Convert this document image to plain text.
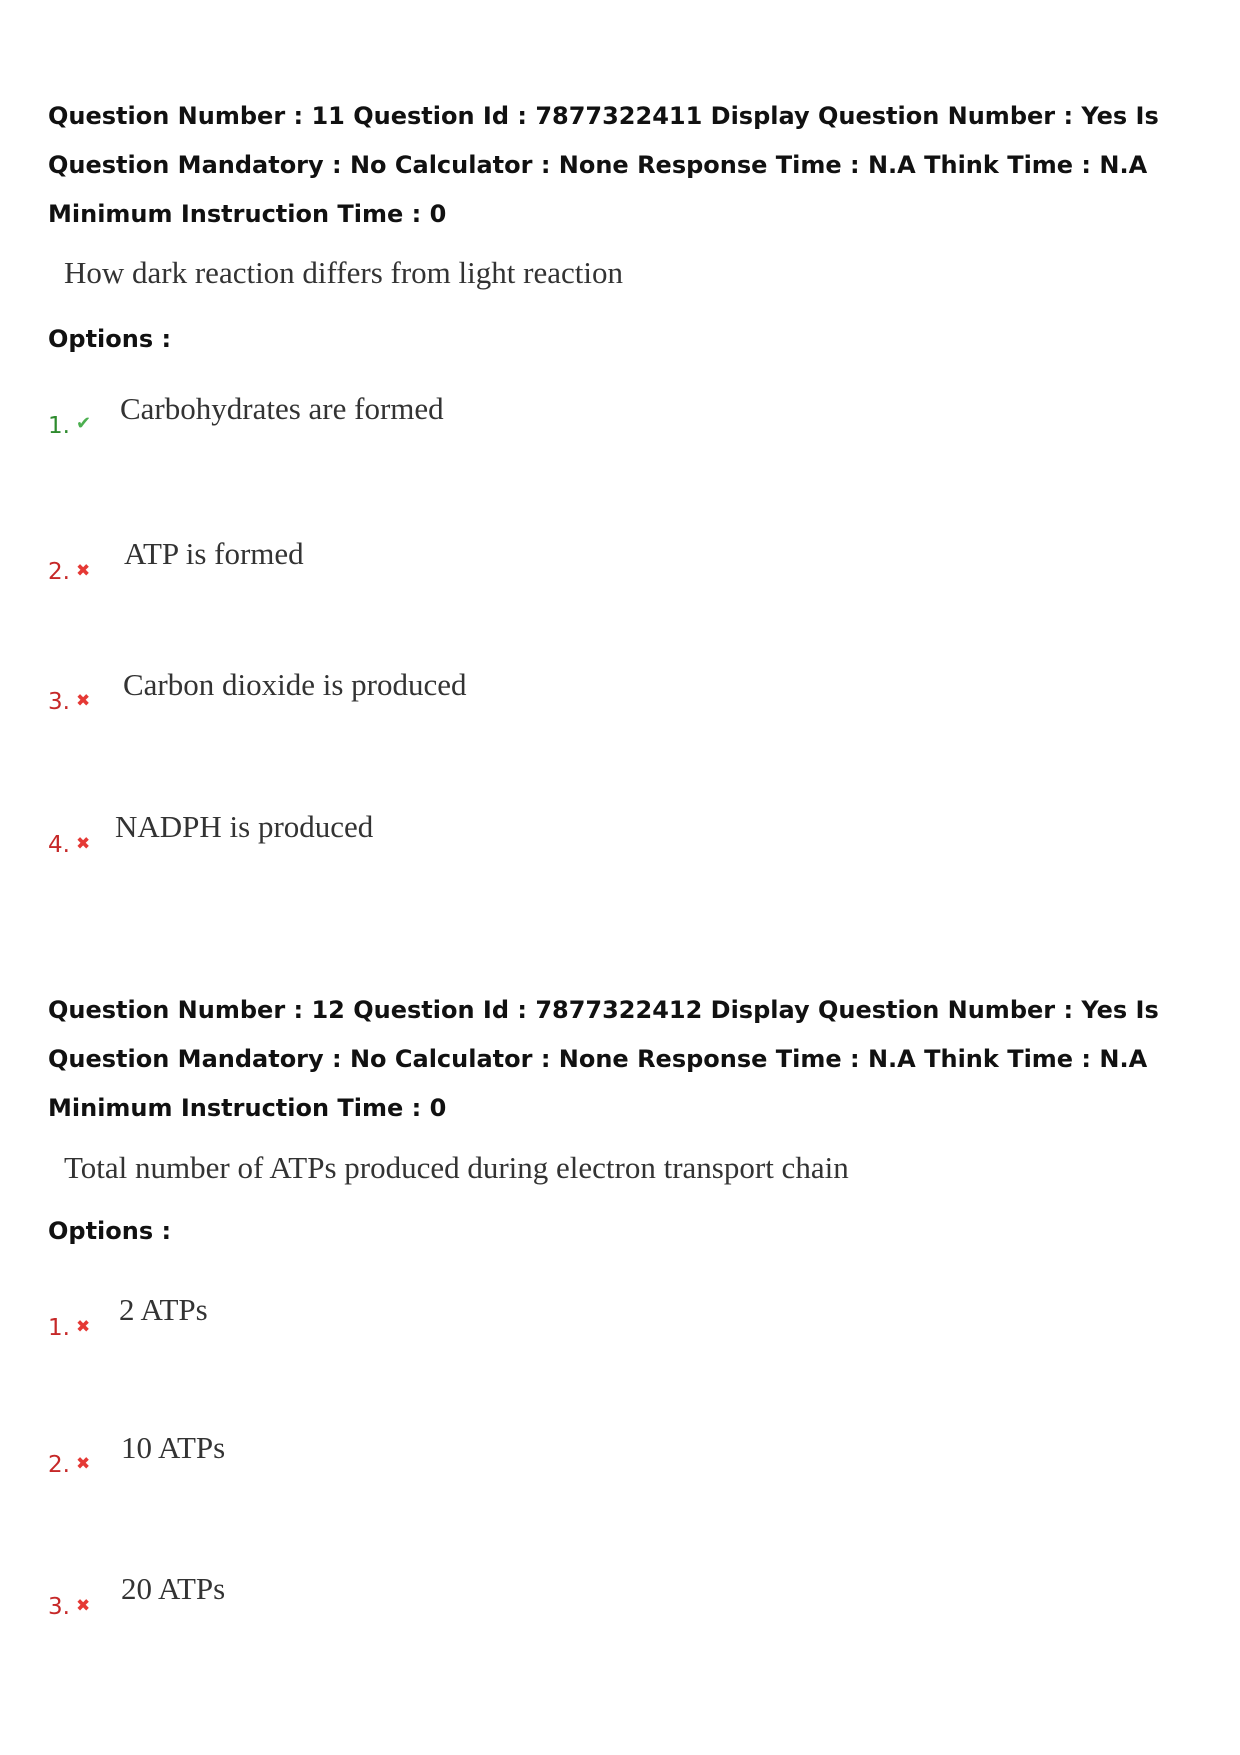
Question Number : 11 Question Id : 7877322411 Display Question Number : Yes Is Question Mandatory : No Calculator : None Response Time : N.A Think Time : N.A Minimum Instruction Time : 0

How dark reaction differs from light reaction

Options :

1. ✔ Carbohydrates are formed
2. ✖ ATP is formed
3. ✖ Carbon dioxide is produced
4. ✖ NADPH is produced

Question Number : 12 Question Id : 7877322412 Display Question Number : Yes Is Question Mandatory : No Calculator : None Response Time : N.A Think Time : N.A Minimum Instruction Time : 0

Total number of ATPs produced during electron transport chain

Options :

1. ✖ 2 ATPs
2. ✖ 10 ATPs
3. ✖ 20 ATPs
